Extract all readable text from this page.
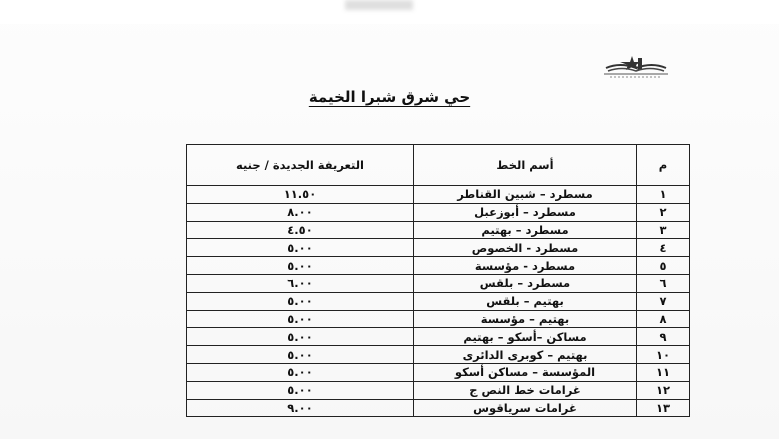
حي شرق شبرا الخيمة
م	أسم الخط	التعريفة الجديدة / جنيه
١	مسطرد – شبين القناطر	١١.٥٠
٢	مسطرد – أبوزعبل	٨.٠٠
٣	مسطرد – بهتيم	٤.٥٠
٤	مسطرد - الخصوص	٥.٠٠
٥	مسطرد - مؤسسة	٥.٠٠
٦	مسطرد – بلقس	٦.٠٠
٧	بهتيم – بلقس	٥.٠٠
٨	بهتيم – مؤسسة	٥.٠٠
٩	مساكن –أسكو – بهتيم	٥.٠٠
١٠	بهتيم – كوبرى الدائرى	٥.٠٠
١١	المؤسسة – مساكن أسكو	٥.٠٠
١٢	غرامات خط النص ج	٥.٠٠
١٣	غرامات سرياقوس	٩.٠٠
